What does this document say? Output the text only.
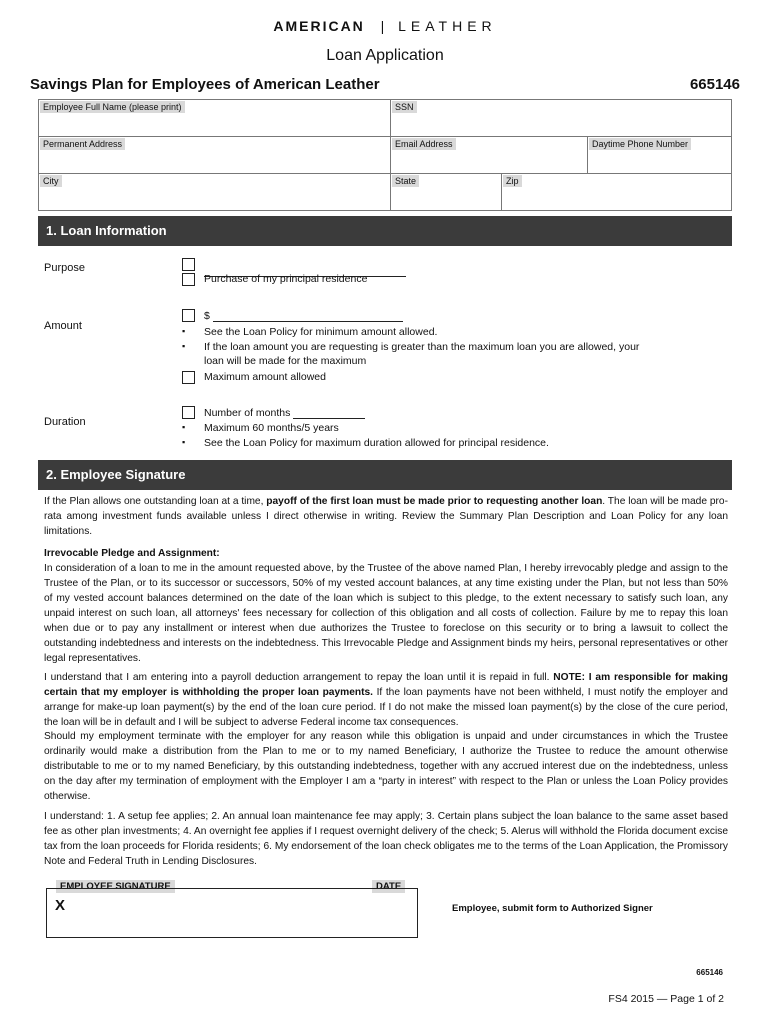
AMERICAN  | LEATHER
Loan Application
Savings Plan for Employees of American Leather	665146
Employee Full Name (please print)	SSN
Permanent Address	Email Address	Daytime Phone Number
City	State	Zip
1. Loan Information
Purpose
Purchase of my principal residence
Amount
$
▪ See the Loan Policy for minimum amount allowed.
▪ If the loan amount you are requesting is greater than the maximum loan you are allowed, your
loan will be made for the maximum
Maximum amount allowed
Duration
Number of months
▪ Maximum 60 months/5 years
▪ See the Loan Policy for maximum duration allowed for principal residence.
2. Employee Signature
If the Plan allows one outstanding loan at a time, payoff of the first loan must be made prior to requesting another loan. The loan will be made pro-rata among investment funds available unless I direct otherwise in writing. Review the Summary Plan Description and Loan Policy for any loan limitations.
Irrevocable Pledge and Assignment:
In consideration of a loan to me in the amount requested above, by the Trustee of the above named Plan, I hereby irrevocably pledge and assign to the Trustee of the Plan, or to its successor or successors, 50% of my vested account balances, at any time existing under the Plan, but not less than 50% of my vested account balances determined on the date of the loan which is subject to this pledge, to the extent necessary to satisfy such loan, any unpaid interest on such loan, all attorneys' fees necessary for collection of this obligation and all costs of collection. Failure by me to repay this loan when due or to pay any installment or interest when due authorizes the Trustee to foreclose on this security or to bring a lawsuit to collect the outstanding indebtedness and interests on the indebtedness. This Irrevocable Pledge and Assignment binds my heirs, personal representatives or other legal representatives.
I understand that I am entering into a payroll deduction arrangement to repay the loan until it is repaid in full. NOTE: I am responsible for making certain that my employer is withholding the proper loan payments. If the loan payments have not been withheld, I must notify the employer and arrange for make-up loan payment(s) by the end of the loan cure period. If I do not make the missed loan payment(s) by the close of the cure period, the loan will be in default and I will be subject to adverse Federal income tax consequences.
Should my employment terminate with the employer for any reason while this obligation is unpaid and under circumstances in which the Trustee ordinarily would make a distribution from the Plan to me or to my named Beneficiary, I authorize the Trustee to reduce the amount otherwise distributable to me or to my named Beneficiary, by this outstanding indebtedness, together with any accrued interest due on the indebtedness, unless on the day after my termination of employment with the Employer I am a “party in interest” with respect to the Plan or unless the Loan Policy provides otherwise.
I understand: 1. A setup fee applies; 2. An annual loan maintenance fee may apply; 3. Certain plans subject the loan balance to the same asset based fee as other plan investments; 4. An overnight fee applies if I request overnight delivery of the check; 5. Alerus will withhold the Florida document excise tax from the loan proceeds for Florida residents; 6. My endorsement of the loan check obligates me to the terms of the Loan Application, the Promissory Note and Federal Truth in Lending Disclosures.
EMPLOYEE SIGNATURE	DATE
X	Employee, submit form to Authorized Signer
665146
FS4 2015 — Page 1 of 2
